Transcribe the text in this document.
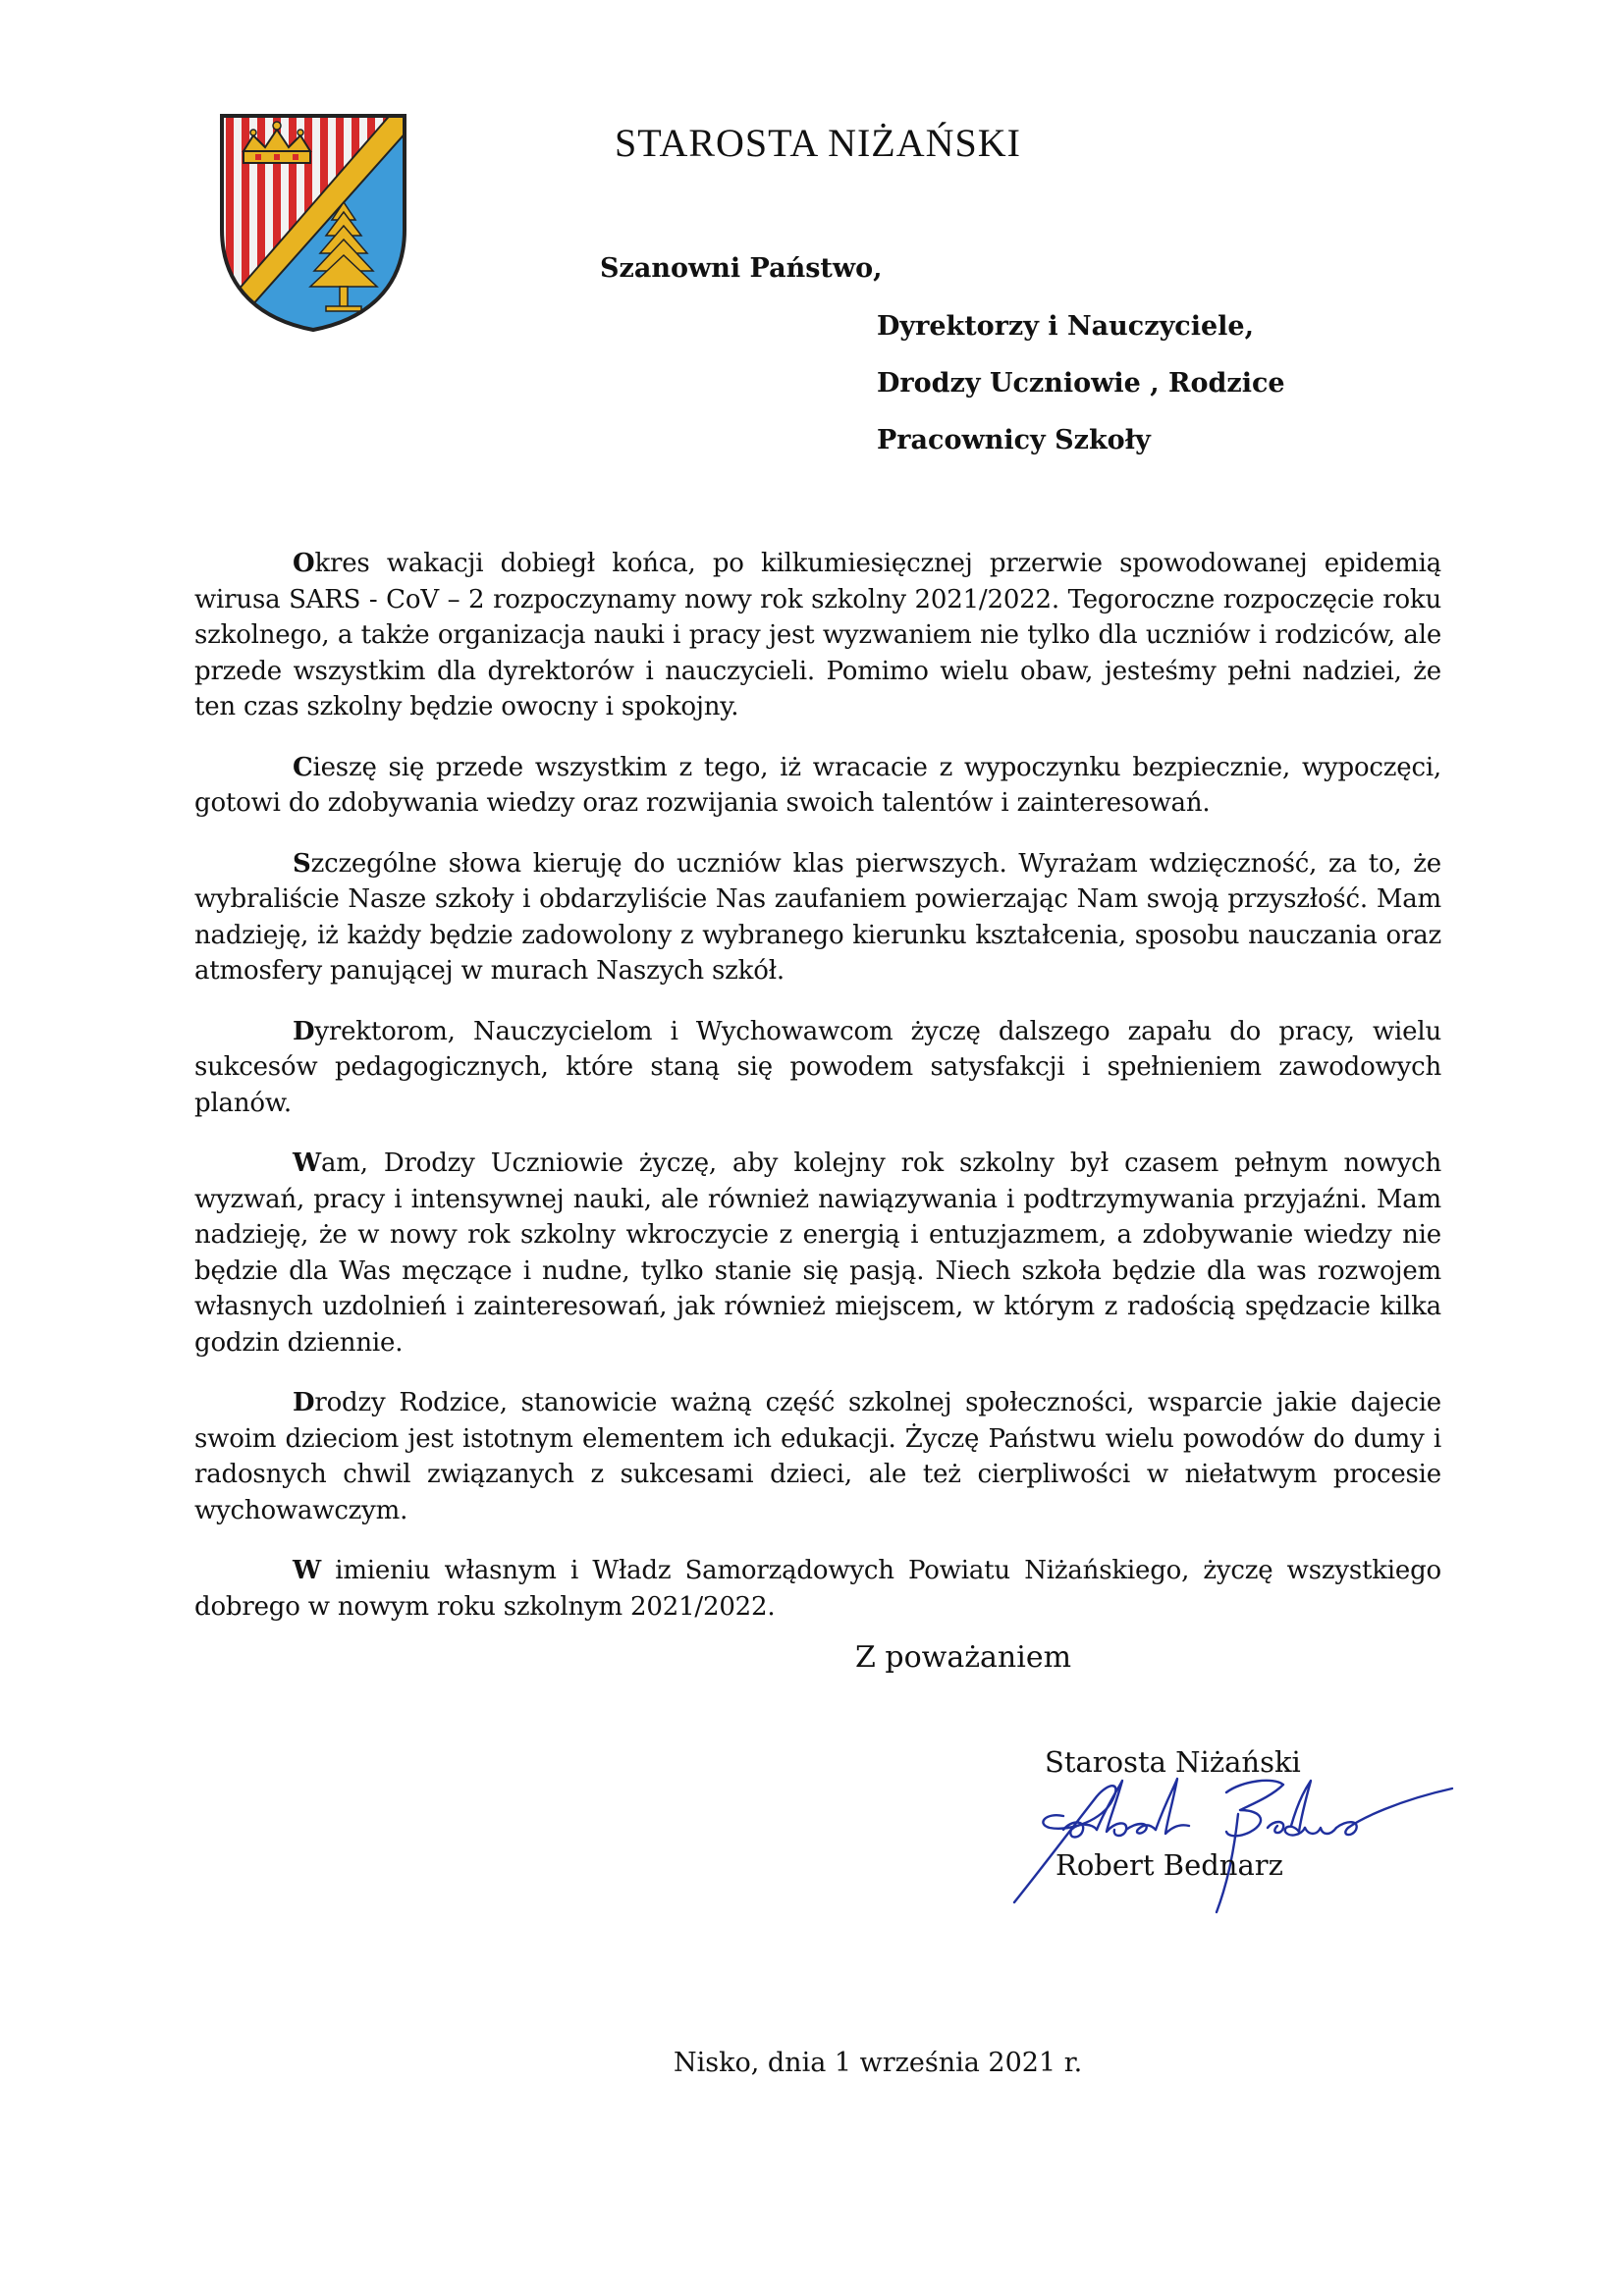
STAROSTA NIŻAŃSKI

Szanowni Państwo,

Dyrektorzy i Nauczyciele,
Drodzy Uczniowie , Rodzice
Pracownicy Szkoły

Okres wakacji dobiegł końca, po kilkumiesięcznej przerwie spowodowanej epidemią wirusa SARS - CoV – 2 rozpoczynamy nowy rok szkolny 2021/2022. Tegoroczne rozpoczęcie roku szkolnego, a także organizacja nauki i pracy jest wyzwaniem nie tylko dla uczniów i rodziców, ale przede wszystkim dla dyrektorów i nauczycieli. Pomimo wielu obaw, jesteśmy pełni nadziei, że ten czas szkolny będzie owocny i spokojny.

Cieszę się przede wszystkim z tego, iż wracacie z wypoczynku bezpiecznie, wypoczęci, gotowi do zdobywania wiedzy oraz rozwijania swoich talentów i zainteresowań.

Szczególne słowa kieruję do uczniów klas pierwszych. Wyrażam wdzięczność, za to, że wybraliście Nasze szkoły i obdarzyliście Nas zaufaniem powierzając Nam swoją przyszłość. Mam nadzieję, iż każdy będzie zadowolony z wybranego kierunku kształcenia, sposobu nauczania oraz atmosfery panującej w murach Naszych szkół.

Dyrektorom, Nauczycielom i Wychowawcom życzę dalszego zapału do pracy, wielu sukcesów pedagogicznych, które staną się powodem satysfakcji i spełnieniem zawodowych planów.

Wam, Drodzy Uczniowie życzę, aby kolejny rok szkolny był czasem pełnym nowych wyzwań, pracy i intensywnej nauki, ale również nawiązywania i podtrzymywania przyjaźni. Mam nadzieję, że w nowy rok szkolny wkroczycie z energią i entuzjazmem, a zdobywanie wiedzy nie będzie dla Was męczące i nudne, tylko stanie się pasją. Niech szkoła będzie dla was rozwojem własnych uzdolnień i zainteresowań, jak również miejscem, w którym z radością spędzacie kilka godzin dziennie.

Drodzy Rodzice, stanowicie ważną część szkolnej społeczności, wsparcie jakie dajecie swoim dzieciom jest istotnym elementem ich edukacji. Życzę Państwu wielu powodów do dumy i radosnych chwil związanych z sukcesami dzieci, ale też cierpliwości w niełatwym procesie wychowawczym.

W imieniu własnym i Władz Samorządowych Powiatu Niżańskiego, życzę wszystkiego dobrego w nowym roku szkolnym 2021/2022.

Z poważaniem

Starosta Niżański

Robert Bednarz

Nisko, dnia 1 września 2021 r.
